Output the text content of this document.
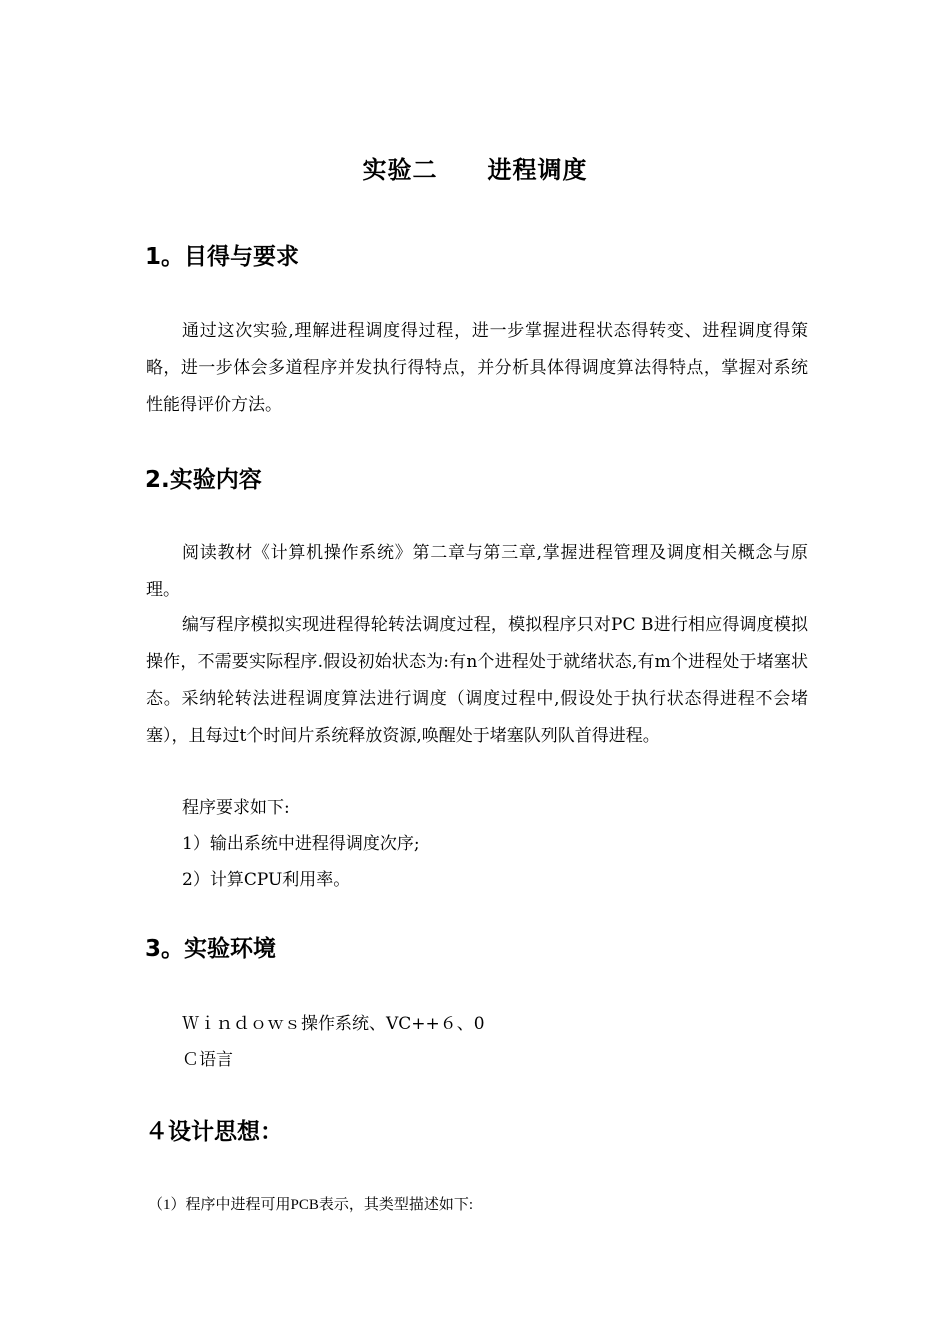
实验二　　进程调度
1。目得与要求
通过这次实验,理解进程调度得过程，进一步掌握进程状态得转变、进程调度得策略，进一步体会多道程序并发执行得特点，并分析具体得调度算法得特点，掌握对系统性能得评价方法。
2.实验内容
阅读教材《计算机操作系统》第二章与第三章,掌握进程管理及调度相关概念与原理。
编写程序模拟实现进程得轮转法调度过程，模拟程序只对PC B进行相应得调度模拟操作，不需要实际程序.假设初始状态为:有n个进程处于就绪状态,有m个进程处于堵塞状态。采纳轮转法进程调度算法进行调度（调度过程中,假设处于执行状态得进程不会堵塞），且每过t个时间片系统释放资源,唤醒处于堵塞队列队首得进程。
程序要求如下:
1）输出系统中进程得调度次序;
2）计算CPU利用率。
3。实验环境
Ｗｉｎｄｏｗｓ操作系统、VC++６、0
Ｃ语言
４设计思想：
（1）程序中进程可用PCB表示，其类型描述如下:
